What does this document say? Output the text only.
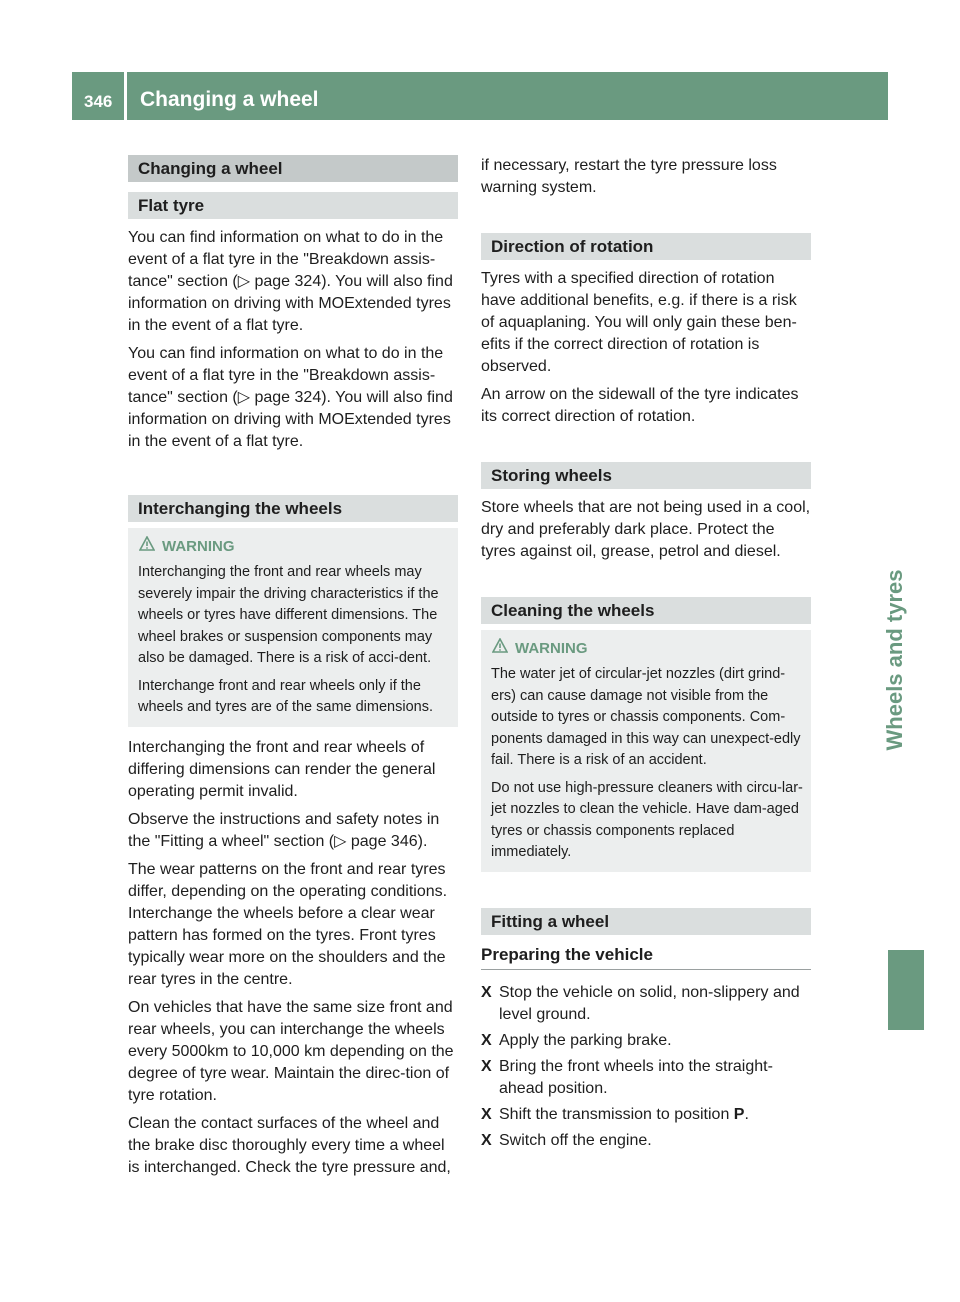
346 Changing a wheel
Wheels and tyres
Changing a wheel
Flat tyre

You can find information on what to do in the event of a flat tyre in the "Breakdown assis-tance" section (▷ page 324). You will also find information on driving with MOExtended tyres in the event of a flat tyre.

You can find information on what to do in the event of a flat tyre in the "Breakdown assis-tance" section (▷ page 324). You will also find information on driving with MOExtended tyres in the event of a flat tyre.

Interchanging the wheels
WARNING

Interchanging the front and rear wheels may severely impair the driving characteristics if the wheels or tyres have different dimensions. The wheel brakes or suspension components may also be damaged. There is a risk of acci-dent.

Interchange front and rear wheels only if the wheels and tyres are of the same dimensions.

Interchanging the front and rear wheels of differing dimensions can render the general operating permit invalid.

Observe the instructions and safety notes in the "Fitting a wheel" section (▷ page 346).

The wear patterns on the front and rear tyres differ, depending on the operating conditions. Interchange the wheels before a clear wear pattern has formed on the tyres. Front tyres typically wear more on the shoulders and the rear tyres in the centre.

On vehicles that have the same size front and rear wheels, you can interchange the wheels every 5000km to 10,000 km depending on the degree of tyre wear. Maintain the direc-tion of tyre rotation.

Clean the contact surfaces of the wheel and the brake disc thoroughly every time a wheel is interchanged. Check the tyre pressure and,

if necessary, restart the tyre pressure loss warning system.

Direction of rotation

Tyres with a specified direction of rotation have additional benefits, e.g. if there is a risk of aquaplaning. You will only gain these ben-efits if the correct direction of rotation is observed.

An arrow on the sidewall of the tyre indicates its correct direction of rotation.

Storing wheels

Store wheels that are not being used in a cool, dry and preferably dark place. Protect the tyres against oil, grease, petrol and diesel.

Cleaning the wheels
WARNING

The water jet of circular-jet nozzles (dirt grind-ers) can cause damage not visible from the outside to tyres or chassis components. Com-ponents damaged in this way can unexpect-edly fail. There is a risk of an accident.

Do not use high-pressure cleaners with circu-lar-jet nozzles to clean the vehicle. Have dam-aged tyres or chassis components replaced immediately.

Fitting a wheel
Preparing the vehicle
X Stop the vehicle on solid, non-slippery and level ground.
X Apply the parking brake.
X Bring the front wheels into the straight-ahead position.
X Shift the transmission to position P.
X Switch off the engine.
